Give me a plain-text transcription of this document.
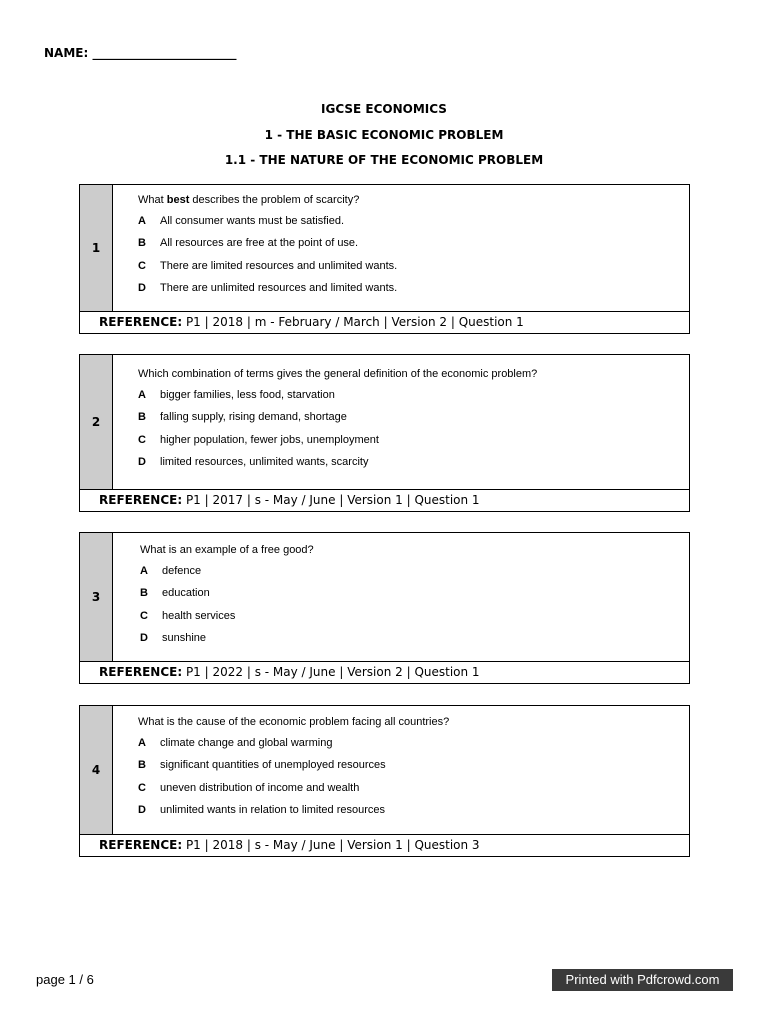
NAME: ________________________
IGCSE ECONOMICS
1 - THE BASIC ECONOMIC PROBLEM
1.1 - THE NATURE OF THE ECONOMIC PROBLEM
1
What best describes the problem of scarcity?
A	All consumer wants must be satisfied.
B	All resources are free at the point of use.
C	There are limited resources and unlimited wants.
D	There are unlimited resources and limited wants.
REFERENCE: P1 | 2018 | m - February / March | Version 2 | Question 1
2
Which combination of terms gives the general definition of the economic problem?
A	bigger families, less food, starvation
B	falling supply, rising demand, shortage
C	higher population, fewer jobs, unemployment
D	limited resources, unlimited wants, scarcity
REFERENCE: P1 | 2017 | s - May / June | Version 1 | Question 1
3
What is an example of a free good?
A	defence
B	education
C	health services
D	sunshine
REFERENCE: P1 | 2022 | s - May / June | Version 2 | Question 1
4
What is the cause of the economic problem facing all countries?
A	climate change and global warming
B	significant quantities of unemployed resources
C	uneven distribution of income and wealth
D	unlimited wants in relation to limited resources
REFERENCE: P1 | 2018 | s - May / June | Version 1 | Question 3
page 1 / 6	Printed with Pdfcrowd.com
